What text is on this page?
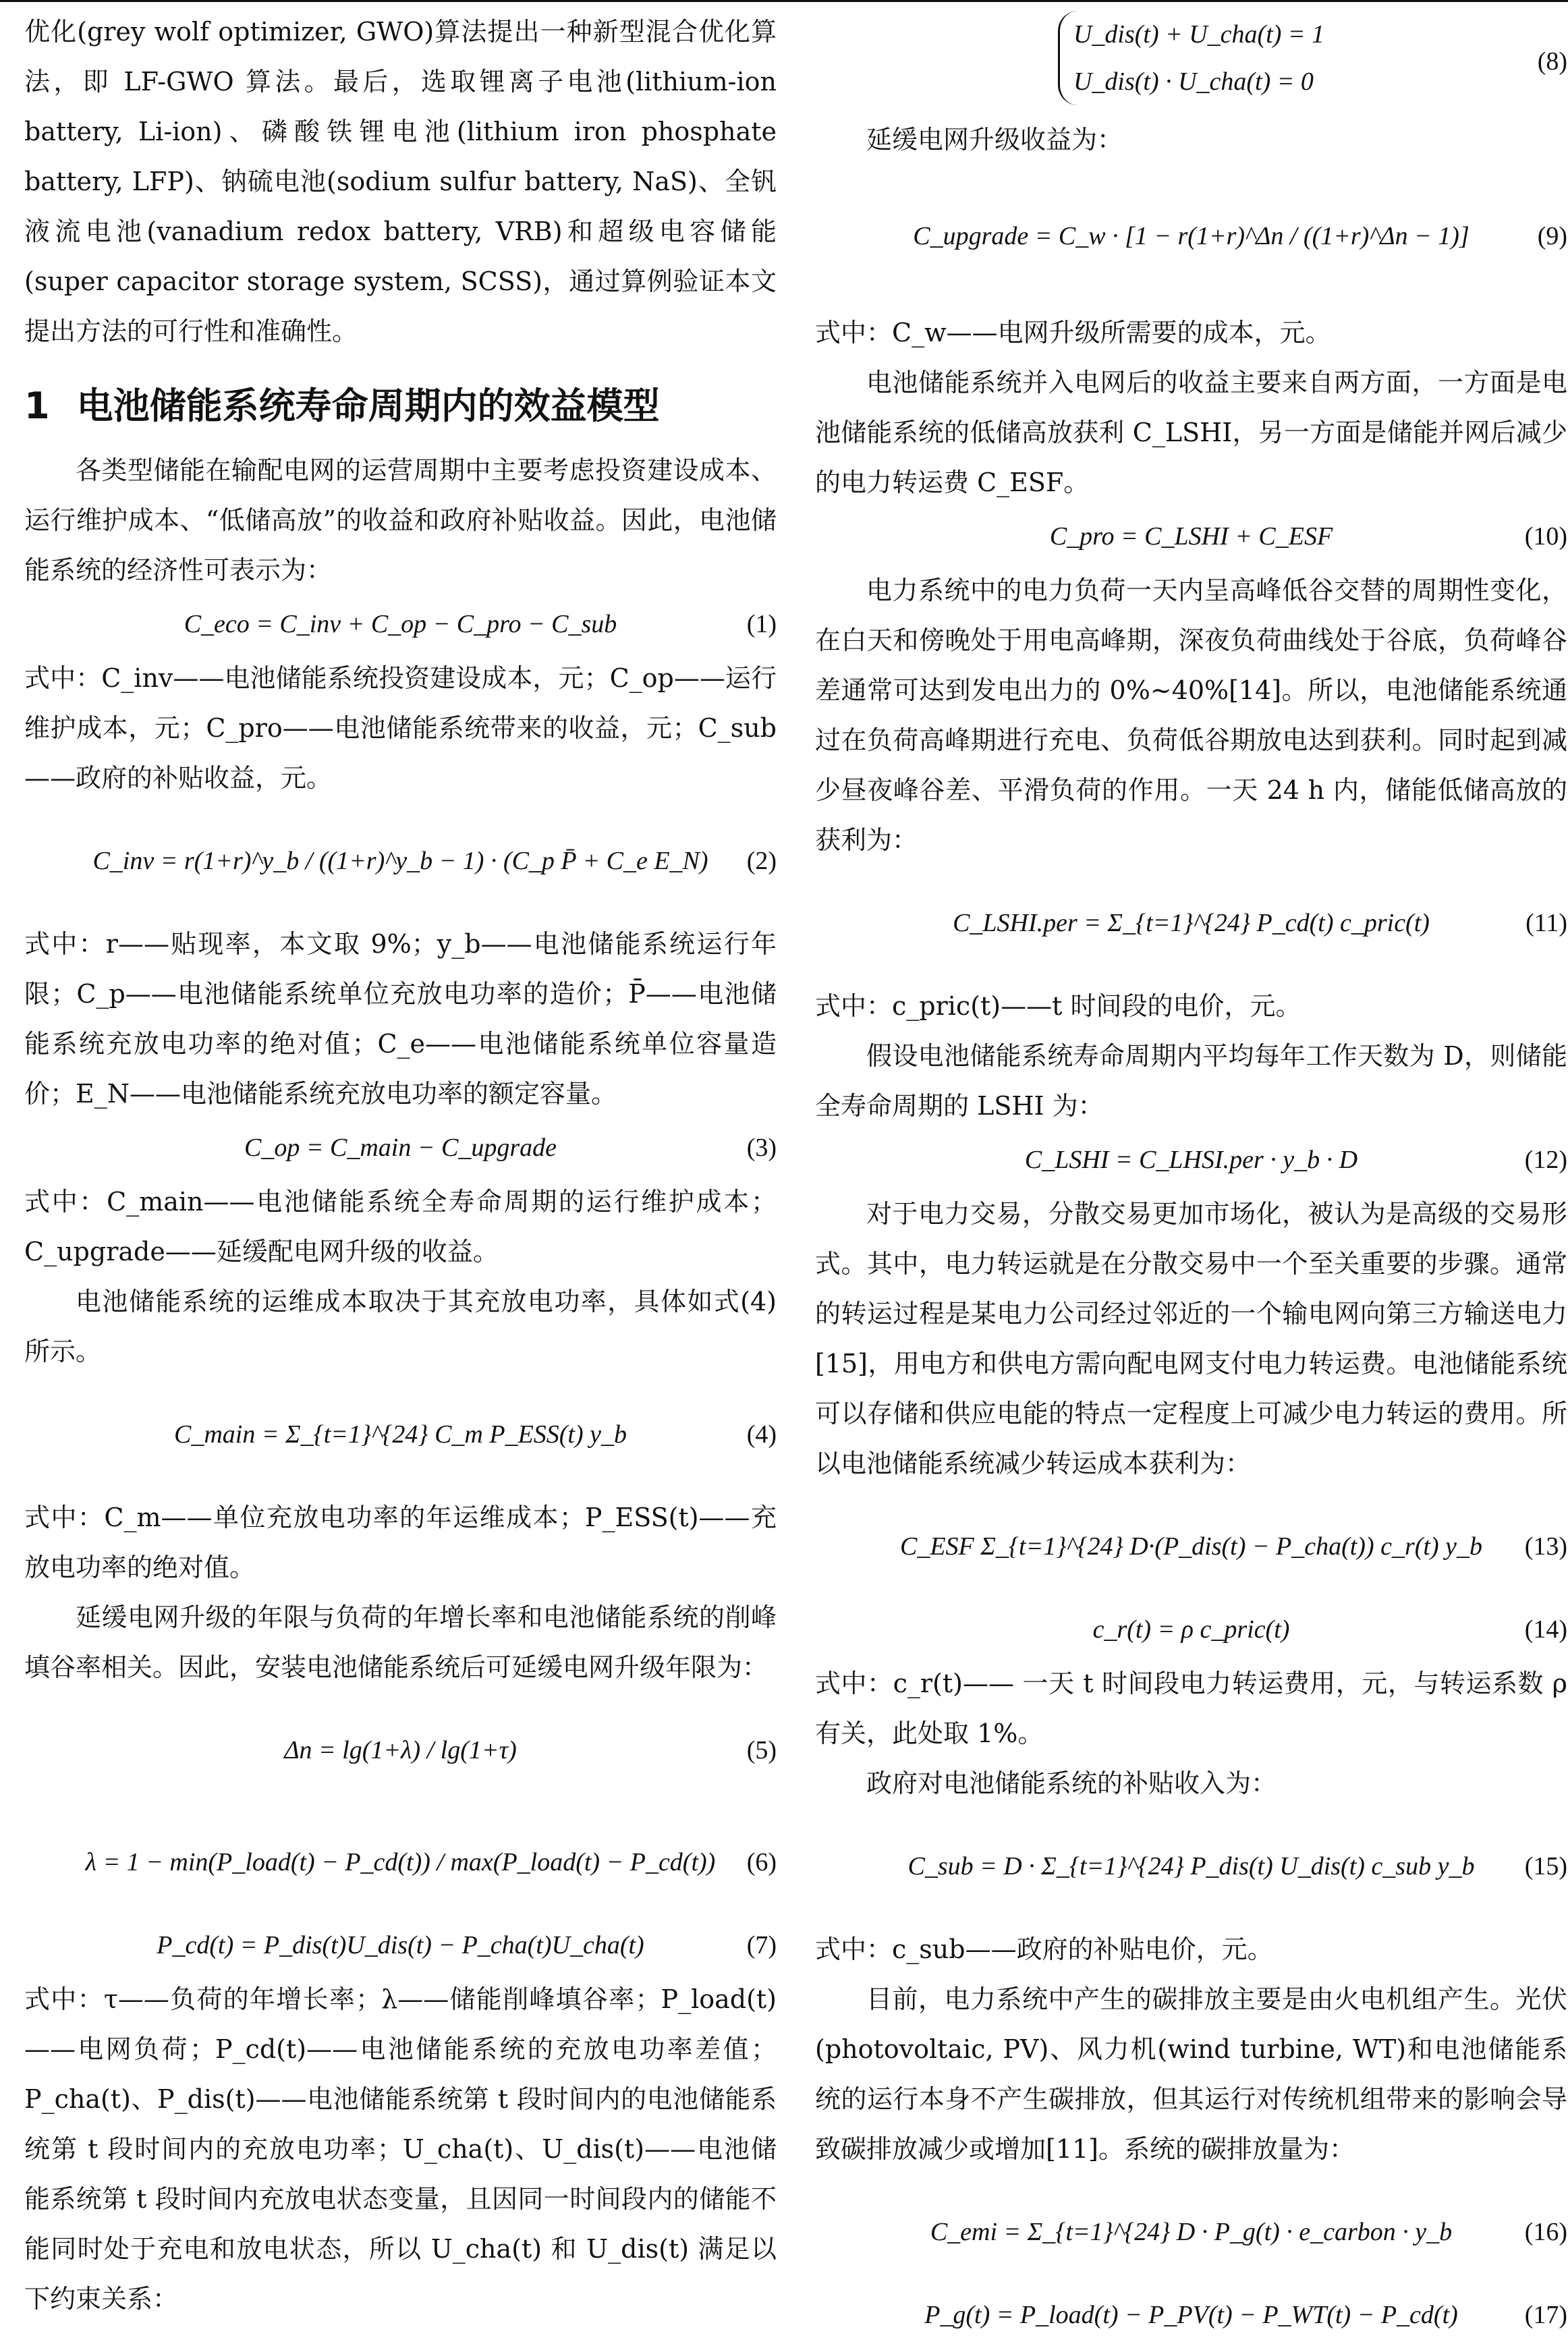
优化(grey wolf optimizer, GWO)算法提出一种新型混合优化算法，即 LF-GWO 算法。最后，选取锂离子电池(lithium-ion battery, Li-ion)、磷酸铁锂电池(lithium iron phosphate battery, LFP)、钠硫电池(sodium sulfur battery, NaS)、全钒液流电池(vanadium redox battery, VRB)和超级电容储能(super capacitor storage system, SCSS)，通过算例验证本文提出方法的可行性和准确性。

1 电池储能系统寿命周期内的效益模型

各类型储能在输配电网的运营周期中主要考虑投资建设成本、运行维护成本、“低储高放”的收益和政府补贴收益。因此，电池储能系统的经济性可表示为：

C_eco = C_inv + C_op − C_pro − C_sub	(1)

式中：C_inv——电池储能系统投资建设成本，元；C_op——运行维护成本，元；C_pro——电池储能系统带来的收益，元；C_sub——政府的补贴收益，元。

C_inv = r(1+r)^y_b / ((1+r)^y_b − 1) · (C_p P̄ + C_e E_N) (2)

式中：r——贴现率，本文取 9%；y_b——电池储能系统运行年限；C_p——电池储能系统单位充放电功率的造价；P̄——电池储能系统充放电功率的绝对值；C_e——电池储能系统单位容量造价；E_N——电池储能系统充放电功率的额定容量。

C_op = C_main − C_upgrade	(3)

式中：C_main——电池储能系统全寿命周期的运行维护成本；C_upgrade——延缓配电网升级的收益。

电池储能系统的运维成本取决于其充放电功率，具体如式(4)所示。

C_main = Σ_{t=1}^{24} C_m P_ESS(t) y_b	(4)

式中：C_m——单位充放电功率的年运维成本；P_ESS(t)——充放电功率的绝对值。

延缓电网升级的年限与负荷的年增长率和电池储能系统的削峰填谷率相关。因此，安装电池储能系统后可延缓电网升级年限为：

Δn = lg(1+λ) / lg(1+τ)	(5)
λ = 1 − min(P_load(t) − P_cd(t)) / max(P_load(t) − P_cd(t)) (6)
P_cd(t) = P_dis(t)U_dis(t) − P_cha(t)U_cha(t)	(7)

式中：τ——负荷的年增长率；λ——储能削峰填谷率；P_load(t)——电网负荷；P_cd(t)——电池储能系统的充放电功率差值；P_cha(t)、P_dis(t)——电池储能系统第 t 段时间内的电池储能系统第 t 段时间内的充放电功率；U_cha(t)、U_dis(t)——电池储能系统第 t 段时间内充放电状态变量，且因同一时间段内的储能不能同时处于充电和放电状态，所以 U_cha(t) 和 U_dis(t) 满足以下约束关系：

U_dis(t) + U_cha(t) = 1
U_dis(t) · U_cha(t) = 0
(8)

延缓电网升级收益为：

C_upgrade = C_w · [1 − r(1+r)^Δn / ((1+r)^Δn − 1)]	(9)

式中：C_w——电网升级所需要的成本，元。

电池储能系统并入电网后的收益主要来自两方面，一方面是电池储能系统的低储高放获利 C_LSHI，另一方面是储能并网后减少的电力转运费 C_ESF。

C_pro = C_LSHI + C_ESF	(10)

电力系统中的电力负荷一天内呈高峰低谷交替的周期性变化，在白天和傍晚处于用电高峰期，深夜负荷曲线处于谷底，负荷峰谷差通常可达到发电出力的 0%~40%[14]。所以，电池储能系统通过在负荷高峰期进行充电、负荷低谷期放电达到获利。同时起到减少昼夜峰谷差、平滑负荷的作用。一天 24 h 内，储能低储高放的获利为：

C_LSHI.per = Σ_{t=1}^{24} P_cd(t) c_pric(t)	(11)

式中：c_pric(t)——t 时间段的电价，元。

假设电池储能系统寿命周期内平均每年工作天数为 D，则储能全寿命周期的 LSHI 为：

C_LSHI = C_LHSI.per · y_b · D	(12)

对于电力交易，分散交易更加市场化，被认为是高级的交易形式。其中，电力转运就是在分散交易中一个至关重要的步骤。通常的转运过程是某电力公司经过邻近的一个输电网向第三方输送电力[15]，用电方和供电方需向配电网支付电力转运费。电池储能系统可以存储和供应电能的特点一定程度上可减少电力转运的费用。所以电池储能系统减少转运成本获利为：

C_ESF Σ_{t=1}^{24} D·(P_dis(t) − P_cha(t)) c_r(t) y_b (13)
c_r(t) = ρ c_pric(t)	(14)

式中：c_r(t)—— 一天 t 时间段电力转运费用，元，与转运系数 ρ 有关，此处取 1%。

政府对电池储能系统的补贴收入为：

C_sub = D · Σ_{t=1}^{24} P_dis(t) U_dis(t) c_sub y_b (15)

式中：c_sub——政府的补贴电价，元。

目前，电力系统中产生的碳排放主要是由火电机组产生。光伏(photovoltaic, PV)、风力机(wind turbine, WT)和电池储能系统的运行本身不产生碳排放，但其运行对传统机组带来的影响会导致碳排放减少或增加[11]。系统的碳排放量为：

C_emi = Σ_{t=1}^{24} D · P_g(t) · e_carbon · y_b	(16)
P_g(t) = P_load(t) − P_PV(t) − P_WT(t) − P_cd(t)	(17)
